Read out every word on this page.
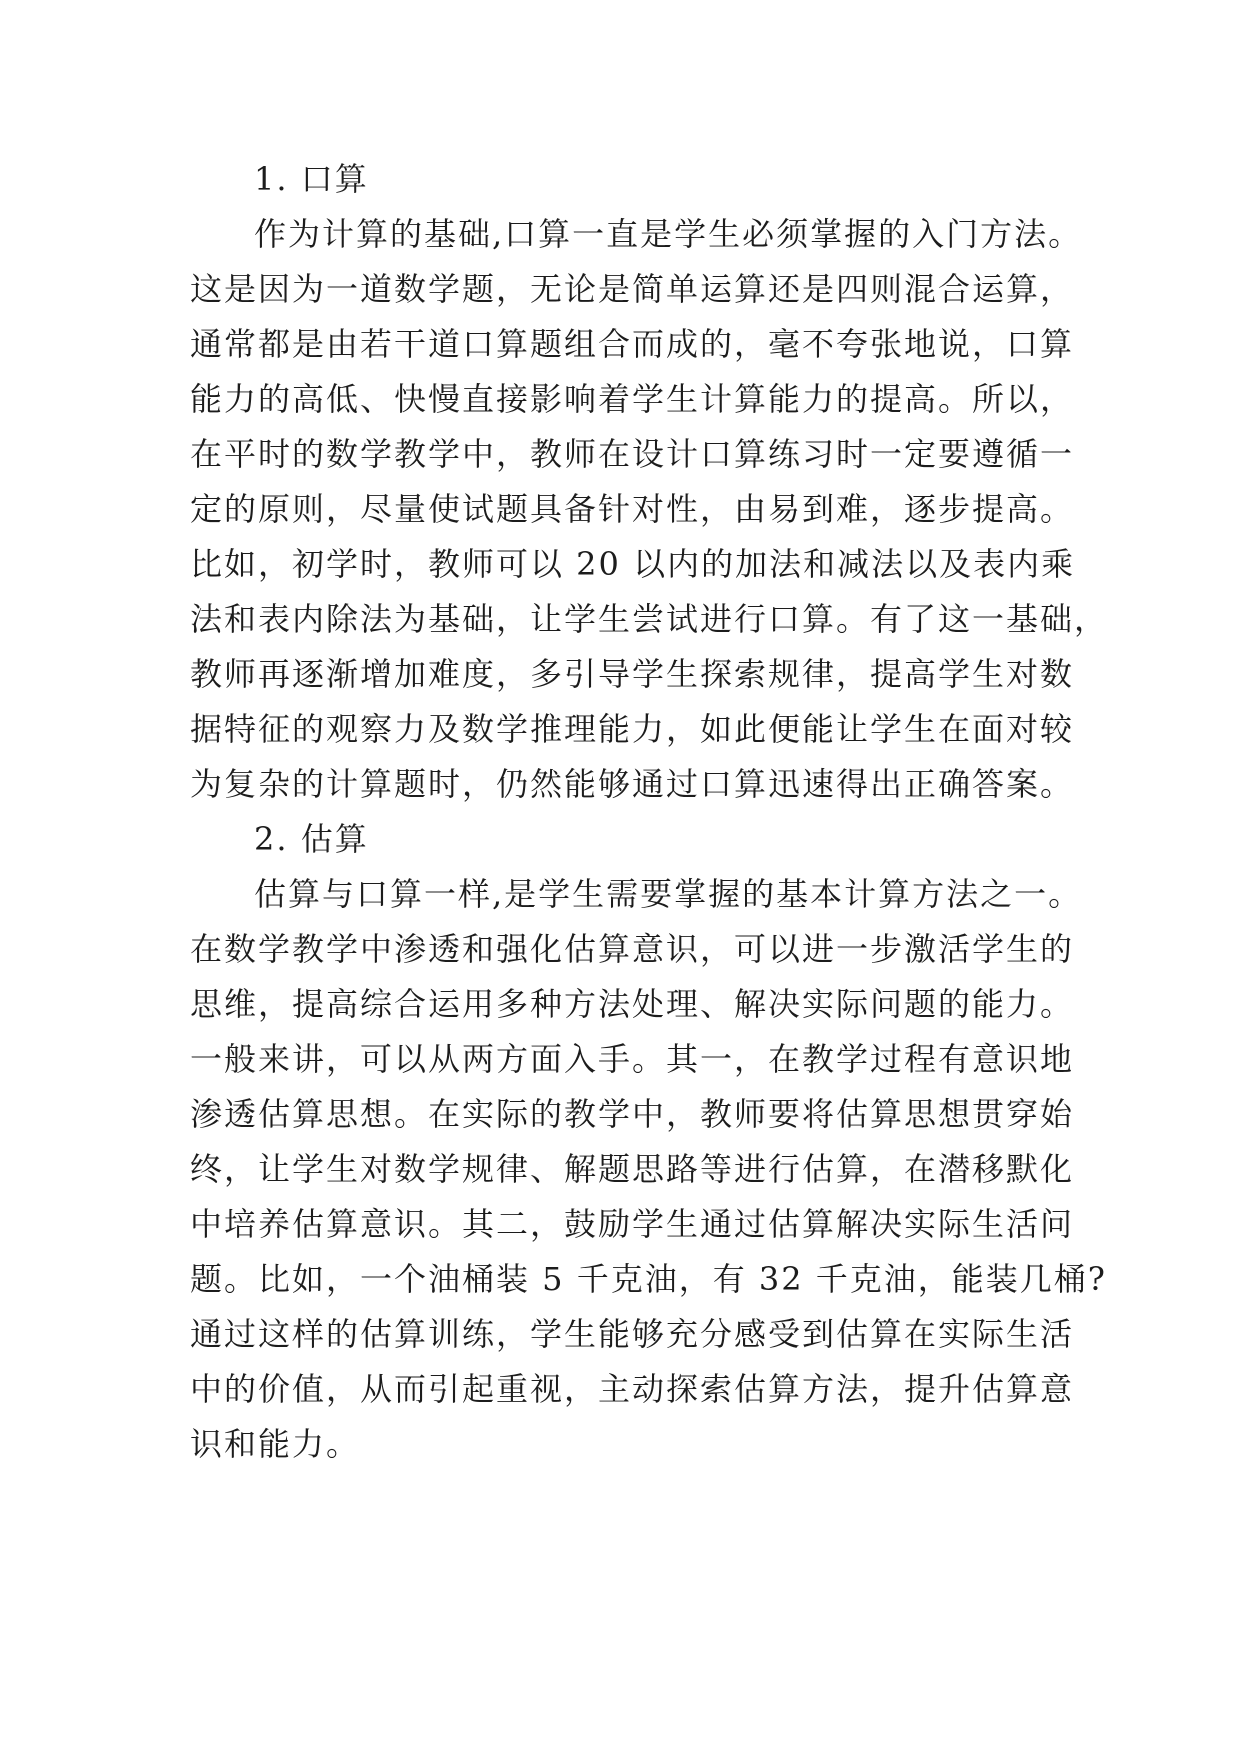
1. 口算
作为计算的基础,口算一直是学生必须掌握的入门方法。
这是因为一道数学题，无论是简单运算还是四则混合运算，
通常都是由若干道口算题组合而成的，毫不夸张地说，口算
能力的高低、快慢直接影响着学生计算能力的提高。所以，
在平时的数学教学中，教师在设计口算练习时一定要遵循一
定的原则，尽量使试题具备针对性，由易到难，逐步提高。
比如，初学时，教师可以 20 以内的加法和减法以及表内乘
法和表内除法为基础，让学生尝试进行口算。有了这一基础，
教师再逐渐增加难度，多引导学生探索规律，提高学生对数
据特征的观察力及数学推理能力，如此便能让学生在面对较
为复杂的计算题时，仍然能够通过口算迅速得出正确答案。
2. 估算
估算与口算一样,是学生需要掌握的基本计算方法之一。
在数学教学中渗透和强化估算意识，可以进一步激活学生的
思维，提高综合运用多种方法处理、解决实际问题的能力。
一般来讲，可以从两方面入手。其一，在教学过程有意识地
渗透估算思想。在实际的教学中，教师要将估算思想贯穿始
终，让学生对数学规律、解题思路等进行估算，在潜移默化
中培养估算意识。其二，鼓励学生通过估算解决实际生活问
题。比如，一个油桶装 5 千克油，有 32 千克油，能装几桶?
通过这样的估算训练，学生能够充分感受到估算在实际生活
中的价值，从而引起重视，主动探索估算方法，提升估算意
识和能力。
